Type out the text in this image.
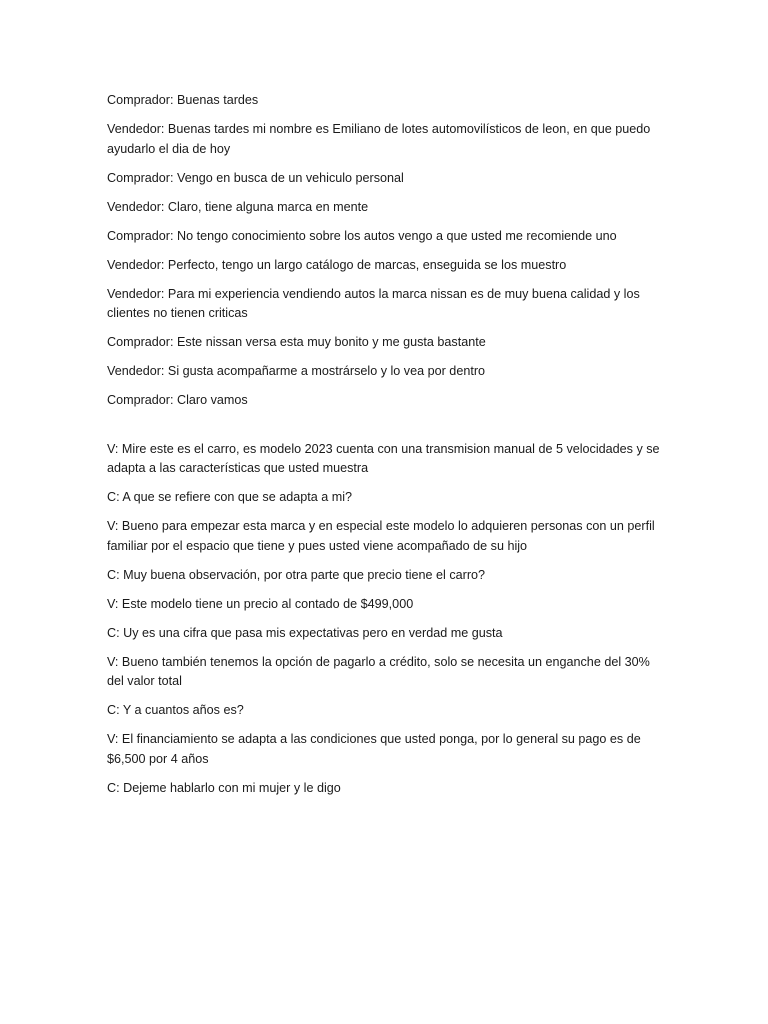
Comprador: Buenas tardes

Vendedor: Buenas tardes mi nombre es Emiliano de lotes automovilísticos de leon, en que puedo ayudarlo el dia de hoy

Comprador: Vengo en busca de un vehiculo personal

Vendedor: Claro, tiene alguna marca en mente

Comprador: No tengo conocimiento sobre los autos vengo a que usted me recomiende uno

Vendedor: Perfecto, tengo un largo catálogo de marcas, enseguida se los muestro

Vendedor: Para mi experiencia vendiendo autos la marca nissan es de muy buena calidad y los clientes no tienen criticas

Comprador: Este nissan versa esta muy bonito y me gusta bastante

Vendedor: Si gusta acompañarme a mostrárselo y lo vea por dentro

Comprador: Claro vamos

V: Mire este es el carro, es modelo 2023 cuenta con una transmision manual de 5 velocidades y se adapta a las características que usted muestra

C: A que se refiere con que se adapta a mi?

V: Bueno para empezar esta marca y en especial este modelo lo adquieren personas con un perfil familiar por el espacio que tiene y pues usted viene acompañado de su hijo

C: Muy buena observación, por otra parte que precio tiene el carro?

V: Este modelo tiene un precio al contado de $499,000

C: Uy es una cifra que pasa mis expectativas pero en verdad me gusta

V: Bueno también tenemos la opción de pagarlo a crédito, solo se necesita un enganche del 30% del valor total

C: Y a cuantos años es?

V: El financiamiento se adapta a las condiciones que usted ponga, por lo general su pago es de $6,500 por 4 años

C: Dejeme hablarlo con mi mujer y le digo
